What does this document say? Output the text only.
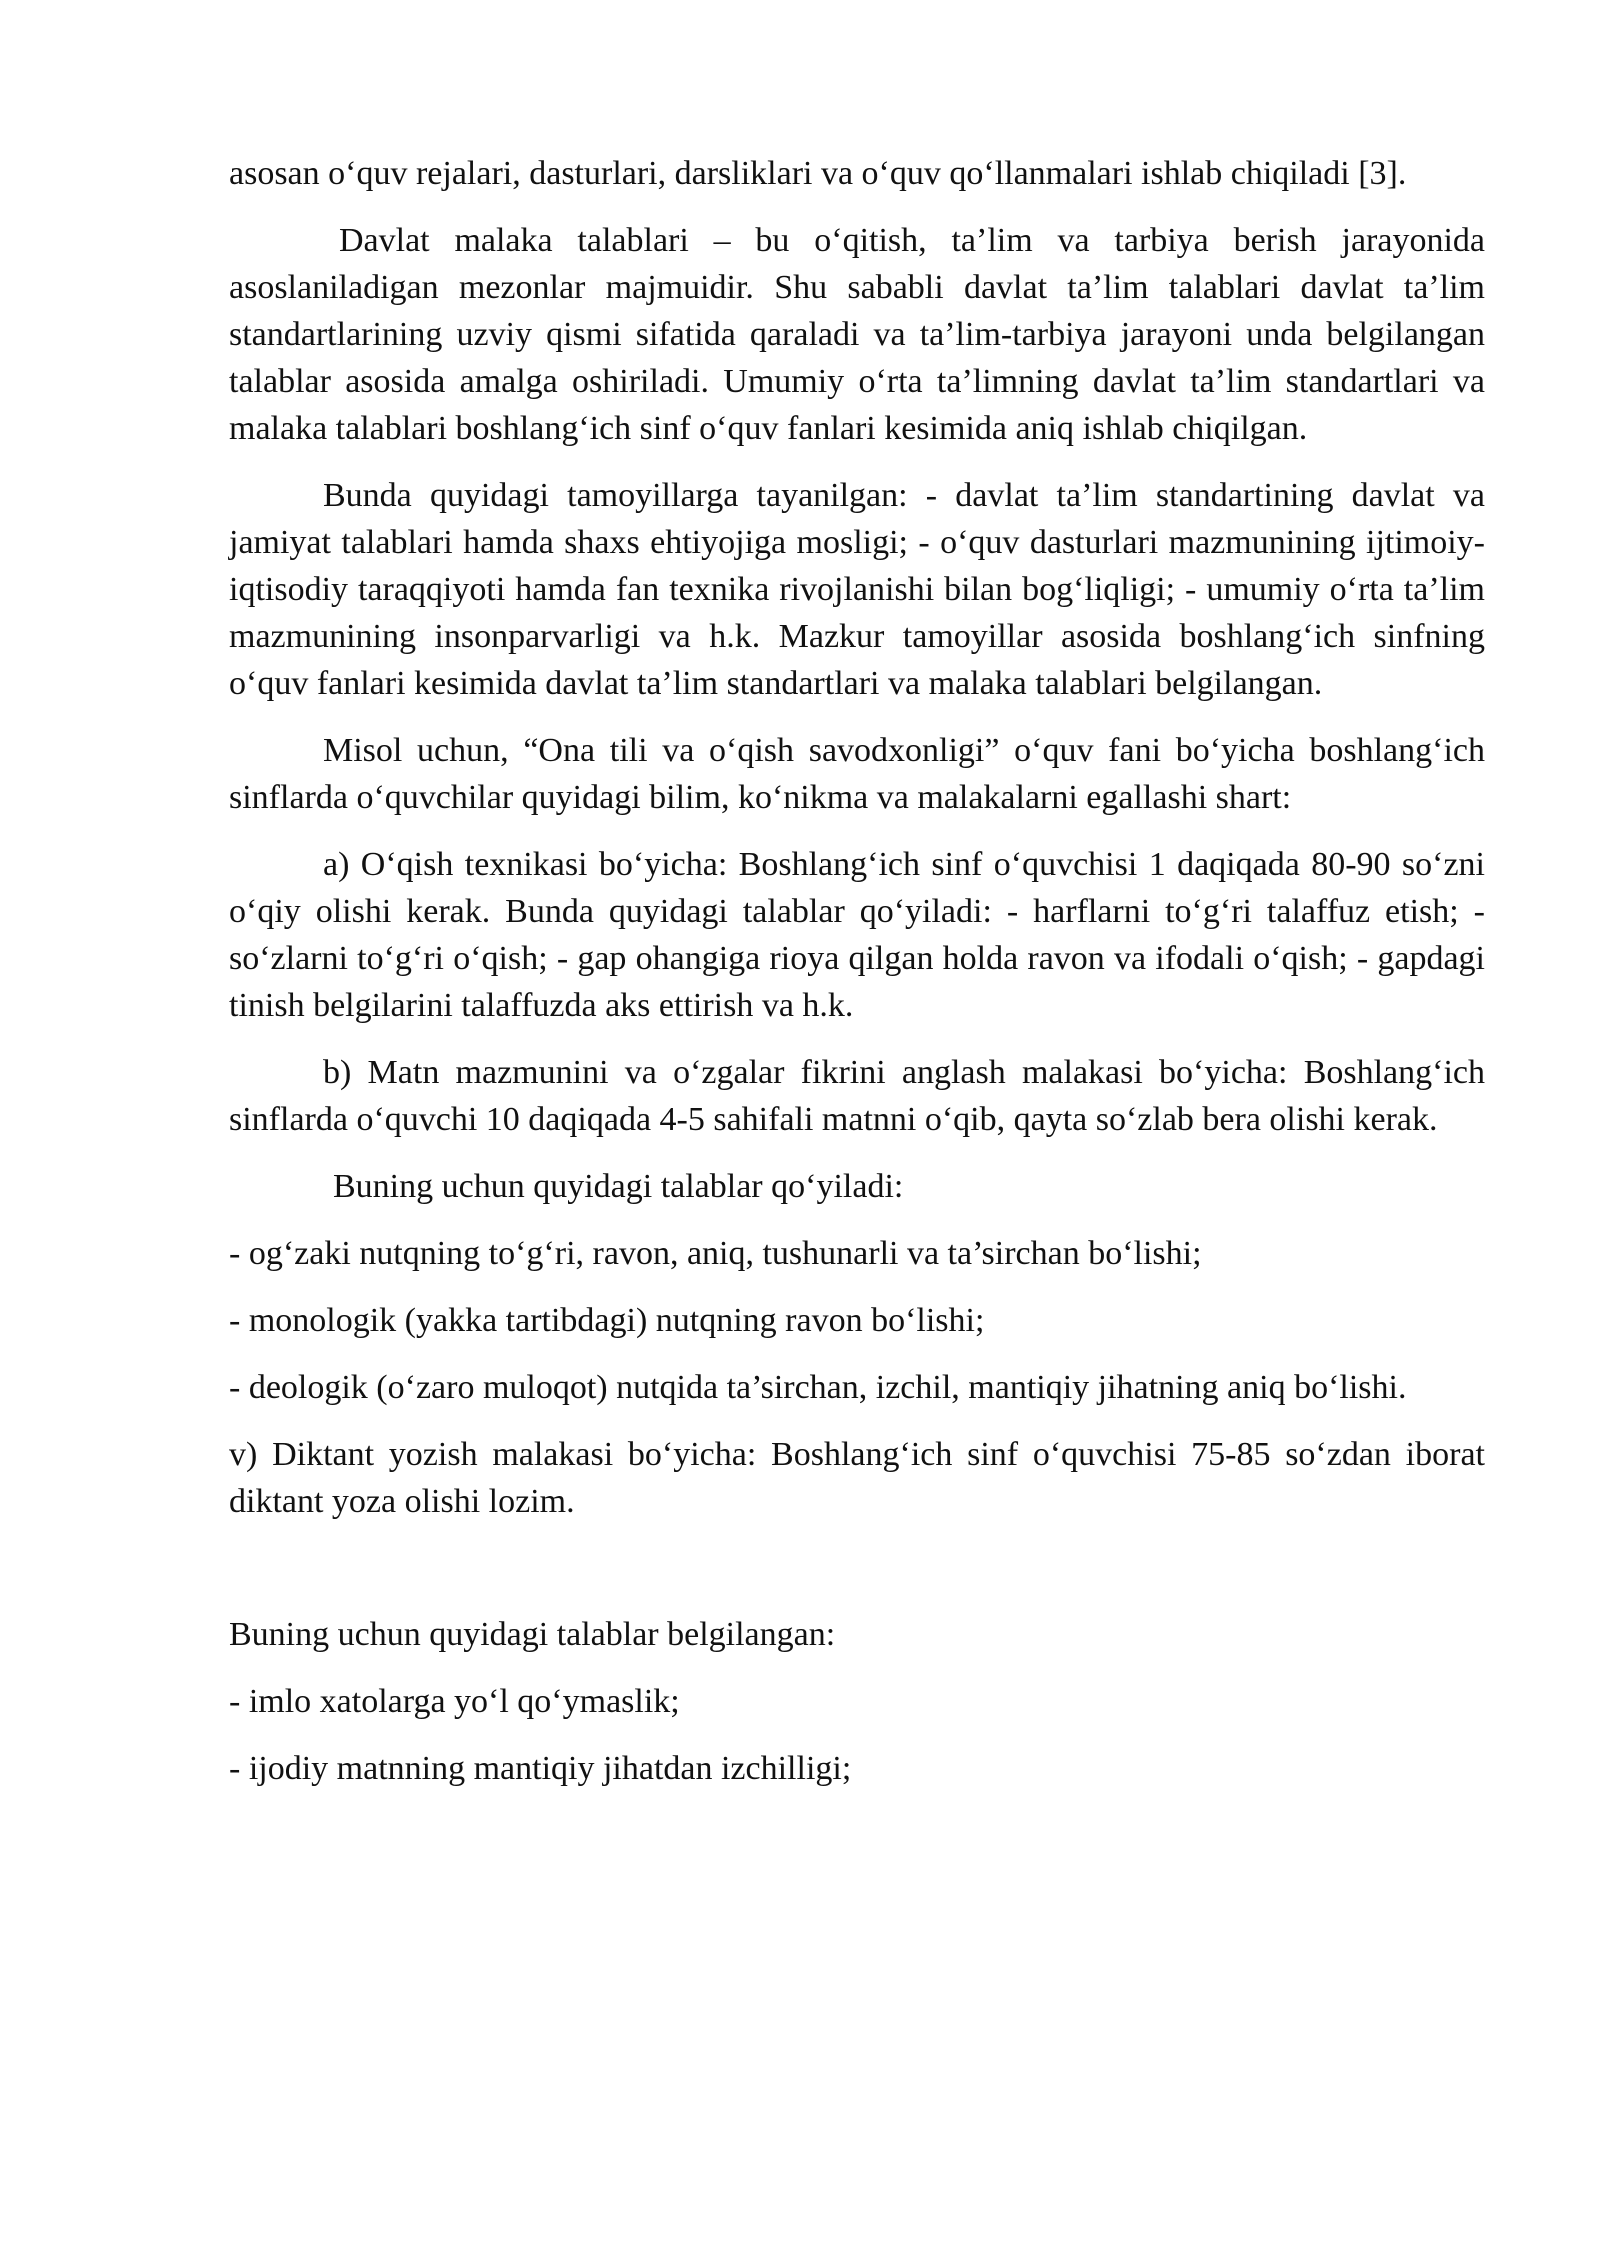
asosan o‘quv rejalari, dasturlari, darsliklari va o‘quv qo‘llanmalari ishlab chiqiladi [3].

Davlat malaka talablari – bu o‘qitish, ta’lim va tarbiya berish jarayonida asoslaniladigan mezonlar majmuidir. Shu sababli davlat ta’lim talablari davlat ta’lim standartlarining uzviy qismi sifatida qaraladi va ta’lim-tarbiya jarayoni unda belgilangan talablar asosida amalga oshiriladi. Umumiy o‘rta ta’limning davlat ta’lim standartlari va malaka talablari boshlang‘ich sinf o‘quv fanlari kesimida aniq ishlab chiqilgan.

Bunda quyidagi tamoyillarga tayanilgan: - davlat ta’lim standartining davlat va jamiyat talablari hamda shaxs ehtiyojiga mosligi; - o‘quv dasturlari mazmunining ijtimoiy-iqtisodiy taraqqiyoti hamda fan texnika rivojlanishi bilan bog‘liqligi; - umumiy o‘rta ta’lim mazmunining insonparvarligi va h.k. Mazkur tamoyillar asosida boshlang‘ich sinfning o‘quv fanlari kesimida davlat ta’lim standartlari va malaka talablari belgilangan.

Misol uchun, “Ona tili va o‘qish savodxonligi” o‘quv fani bo‘yicha boshlang‘ich sinflarda o‘quvchilar quyidagi bilim, ko‘nikma va malakalarni egallashi shart:

a) O‘qish texnikasi bo‘yicha: Boshlang‘ich sinf o‘quvchisi 1 daqiqada 80-90 so‘zni o‘qiy olishi kerak. Bunda quyidagi talablar qo‘yiladi: - harflarni to‘g‘ri talaffuz etish; - so‘zlarni to‘g‘ri o‘qish; - gap ohangiga rioya qilgan holda ravon va ifodali o‘qish; - gapdagi tinish belgilarini talaffuzda aks ettirish va h.k.

b) Matn mazmunini va o‘zgalar fikrini anglash malakasi bo‘yicha: Boshlang‘ich sinflarda o‘quvchi 10 daqiqada 4-5 sahifali matnni o‘qib, qayta so‘zlab bera olishi kerak.

Buning uchun quyidagi talablar qo‘yiladi:

- og‘zaki nutqning to‘g‘ri, ravon, aniq, tushunarli va ta’sirchan bo‘lishi;

- monologik (yakka tartibdagi) nutqning ravon bo‘lishi;

- deologik (o‘zaro muloqot) nutqida ta’sirchan, izchil, mantiqiy jihatning aniq bo‘lishi.

v) Diktant yozish malakasi bo‘yicha: Boshlang‘ich sinf o‘quvchisi 75-85 so‘zdan iborat diktant yoza olishi lozim.

Buning uchun quyidagi talablar belgilangan:

- imlo xatolarga yo‘l qo‘ymaslik;

- ijodiy matnning mantiqiy jihatdan izchilligi;
